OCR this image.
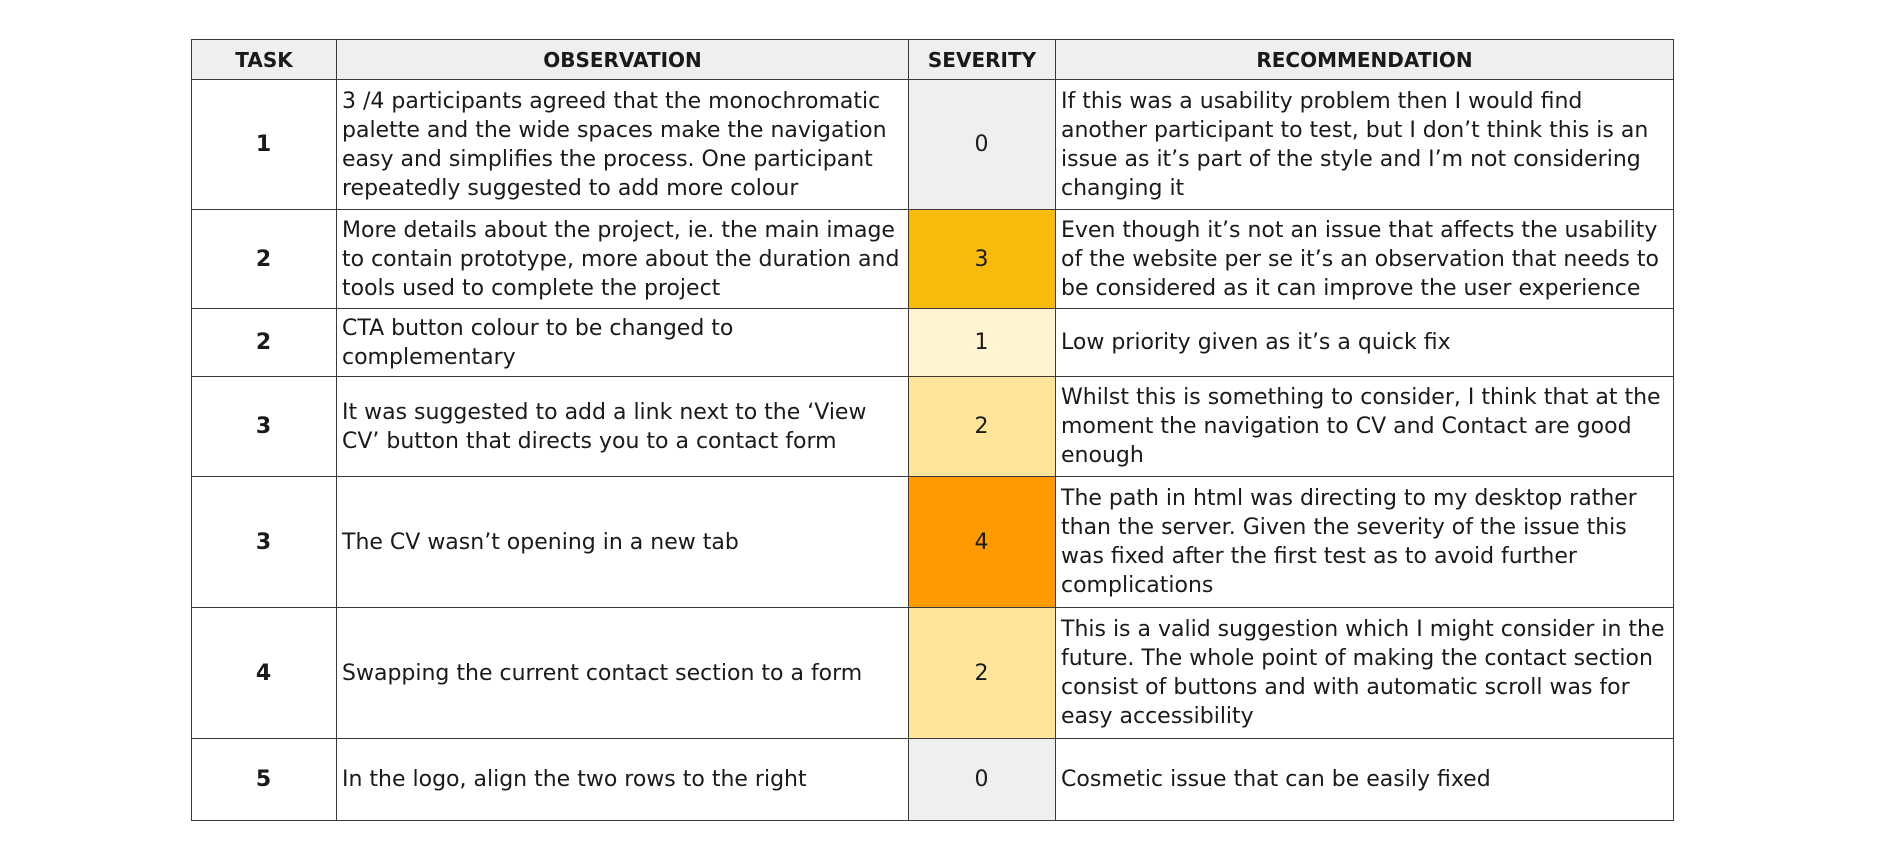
TASK	OBSERVATION	SEVERITY	RECOMMENDATION
1	3 /4 participants agreed that the monochromatic palette and the wide spaces make the navigation easy and simplifies the process. One participant repeatedly suggested to add more colour	0	If this was a usability problem then I would find another participant to test, but I don’t think this is an issue as it’s part of the style and I’m not considering changing it
2	More details about the project, ie. the main image to contain prototype, more about the duration and tools used to complete the project	3	Even though it’s not an issue that affects the usability of the website per se it’s an observation that needs to be considered as it can improve the user experience
2	CTA button colour to be changed to complementary	1	Low priority given as it’s a quick fix
3	It was suggested to add a link next to the ‘View CV’ button that directs you to a contact form	2	Whilst this is something to consider, I think that at the moment the navigation to CV and Contact are good enough
3	The CV wasn’t opening in a new tab	4	The path in html was directing to my desktop rather than the server. Given the severity of the issue this was fixed after the first test as to avoid further complications
4	Swapping the current contact section to a form	2	This is a valid suggestion which I might consider in the future. The whole point of making the contact section consist of buttons and with automatic scroll was for easy accessibility
5	In the logo, align the two rows to the right	0	Cosmetic issue that can be easily fixed
